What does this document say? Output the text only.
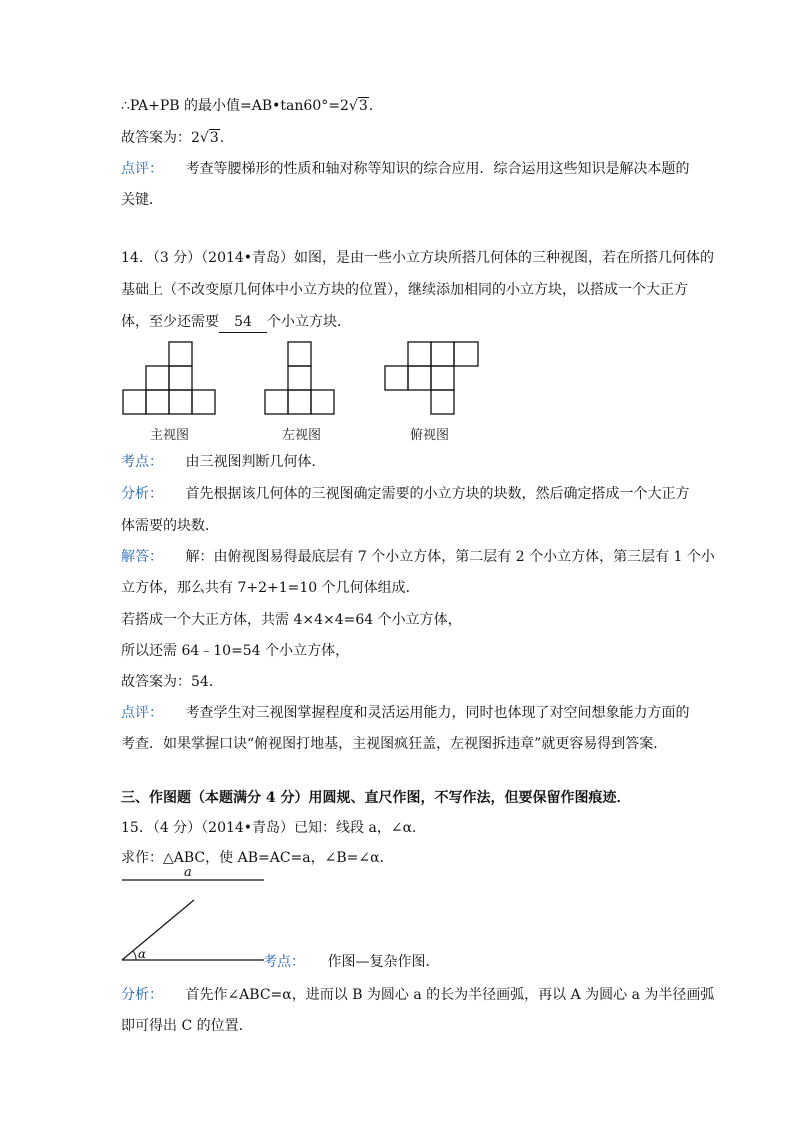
∴PA+PB 的最小值=AB•tan60°=2√3.
故答案为：2√3.
点评： 考查等腰梯形的性质和轴对称等知识的综合应用．综合运用这些知识是解决本题的
关键．
14．（3 分）（2014•青岛）如图，是由一些小立方块所搭几何体的三种视图，若在所搭几何体的
基础上（不改变原几何体中小立方块的位置），继续添加相同的小立方块，以搭成一个大正方
体，至少还需要 54 个小立方块．
主视图	左视图	俯视图
考点： 由三视图判断几何体．
分析： 首先根据该几何体的三视图确定需要的小立方块的块数，然后确定搭成一个大正方
体需要的块数．
解答： 解：由俯视图易得最底层有 7 个小立方体，第二层有 2 个小立方体，第三层有 1 个小
立方体，那么共有 7+2+1=10 个几何体组成．
若搭成一个大正方体，共需 4×4×4=64 个小立方体，
所以还需 64﹣10=54 个小立方体，
故答案为：54．
点评： 考查学生对三视图掌握程度和灵活运用能力，同时也体现了对空间想象能力方面的
考查．如果掌握口诀“俯视图打地基，主视图疯狂盖，左视图拆违章”就更容易得到答案．
三、作图题（本题满分 4 分）用圆规、直尺作图，不写作法，但要保留作图痕迹．
15．（4 分）（2014•青岛）已知：线段 a，∠α．
求作：△ABC，使 AB=AC=a，∠B=∠α．
a
α	考点： 作图—复杂作图．
分析： 首先作∠ABC=α，进而以 B 为圆心 a 的长为半径画弧，再以 A 为圆心 a 为半径画弧
即可得出 C 的位置．
